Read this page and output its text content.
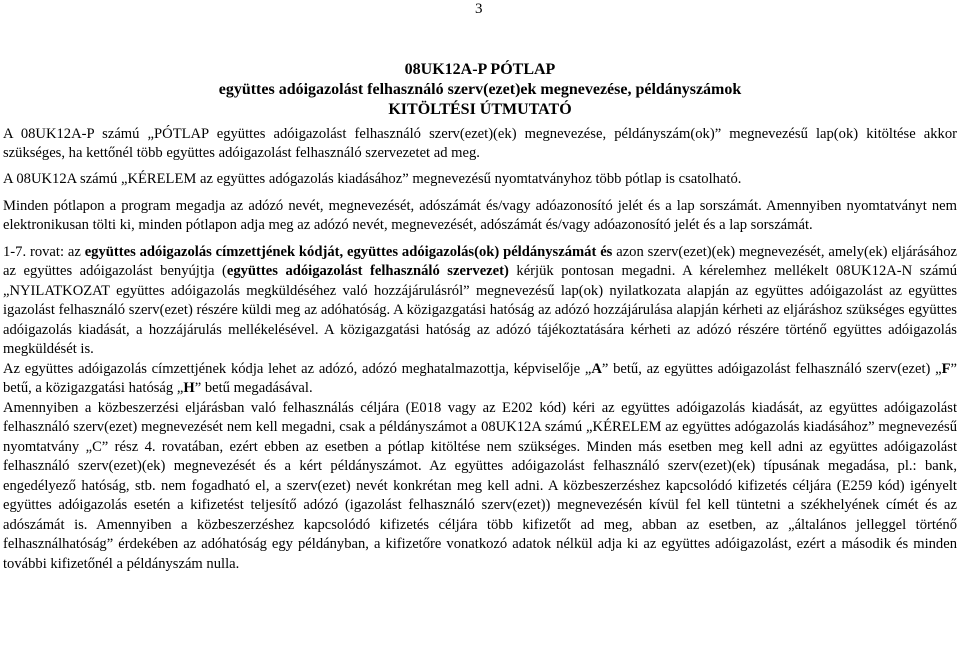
3
08UK12A-P PÓTLAP
együttes adóigazolást felhasználó szerv(ezet)ek megnevezése, példányszámok
KITÖLTÉSI ÚTMUTATÓ

A 08UK12A-P számú „PÓTLAP együttes adóigazolást felhasználó szerv(ezet)(ek) megnevezése, példányszám(ok)” megnevezésű lap(ok) kitöltése akkor szükséges, ha kettőnél több együttes adóigazolást felhasználó szervezetet ad meg.

A 08UK12A számú „KÉRELEM az együttes adógazolás kiadásához” megnevezésű nyomtatványhoz több pótlap is csatolható.

Minden pótlapon a program megadja az adózó nevét, megnevezését, adószámát és/vagy adóazonosító jelét és a lap sorszámát. Amennyiben nyomtatványt nem elektronikusan tölti ki, minden pótlapon adja meg az adózó nevét, megnevezését, adószámát és/vagy adóazonosító jelét és a lap sorszámát.

1-7. rovat: az együttes adóigazolás címzettjének kódját, együttes adóigazolás(ok) példányszámát és azon szerv(ezet)(ek) megnevezését, amely(ek) eljárásához az együttes adóigazolást benyújtja (együttes adóigazolást felhasználó szervezet) kérjük pontosan megadni. A kérelemhez mellékelt 08UK12A-N számú „NYILATKOZAT együttes adóigazolás megküldéséhez való hozzájárulásról” megnevezésű lap(ok) nyilatkozata alapján az együttes adóigazolást az együttes igazolást felhasználó szerv(ezet) részére küldi meg az adóhatóság. A közigazgatási hatóság az adózó hozzájárulása alapján kérheti az eljáráshoz szükséges együttes adóigazolás kiadását, a hozzájárulás mellékelésével. A közigazgatási hatóság az adózó tájékoztatására kérheti az adózó részére történő együttes adóigazolás megküldését is.

Az együttes adóigazolás címzettjének kódja lehet az adózó, adózó meghatalmazottja, képviselője „A” betű, az együttes adóigazolást felhasználó szerv(ezet) „F” betű, a közigazgatási hatóság „H” betű megadásával.

Amennyiben a közbeszerzési eljárásban való felhasználás céljára (E018 vagy az E202 kód) kéri az együttes adóigazolás kiadását, az együttes adóigazolást felhasználó szerv(ezet) megnevezését nem kell megadni, csak a példányszámot a 08UK12A számú „KÉRELEM az együttes adógazolás kiadásához” megnevezésű nyomtatvány „C” rész 4. rovatában, ezért ebben az esetben a pótlap kitöltése nem szükséges. Minden más esetben meg kell adni az együttes adóigazolást felhasználó szerv(ezet)(ek) megnevezését és a kért példányszámot. Az együttes adóigazolást felhasználó szerv(ezet)(ek) típusának megadása, pl.: bank, engedélyező hatóság, stb. nem fogadható el, a szerv(ezet) nevét konkrétan meg kell adni. A közbeszerzéshez kapcsolódó kifizetés céljára (E259 kód) igényelt együttes adóigazolás esetén a kifizetést teljesítő adózó (igazolást felhasználó szerv(ezet)) megnevezésén kívül fel kell tüntetni a székhelyének címét és az adószámát is. Amennyiben a közbeszerzéshez kapcsolódó kifizetés céljára több kifizetőt ad meg, abban az esetben, az „általános jelleggel történő felhasználhatóság” érdekében az adóhatóság egy példányban, a kifizetőre vonatkozó adatok nélkül adja ki az együttes adóigazolást, ezért a második és minden további kifizetőnél a példányszám nulla.
